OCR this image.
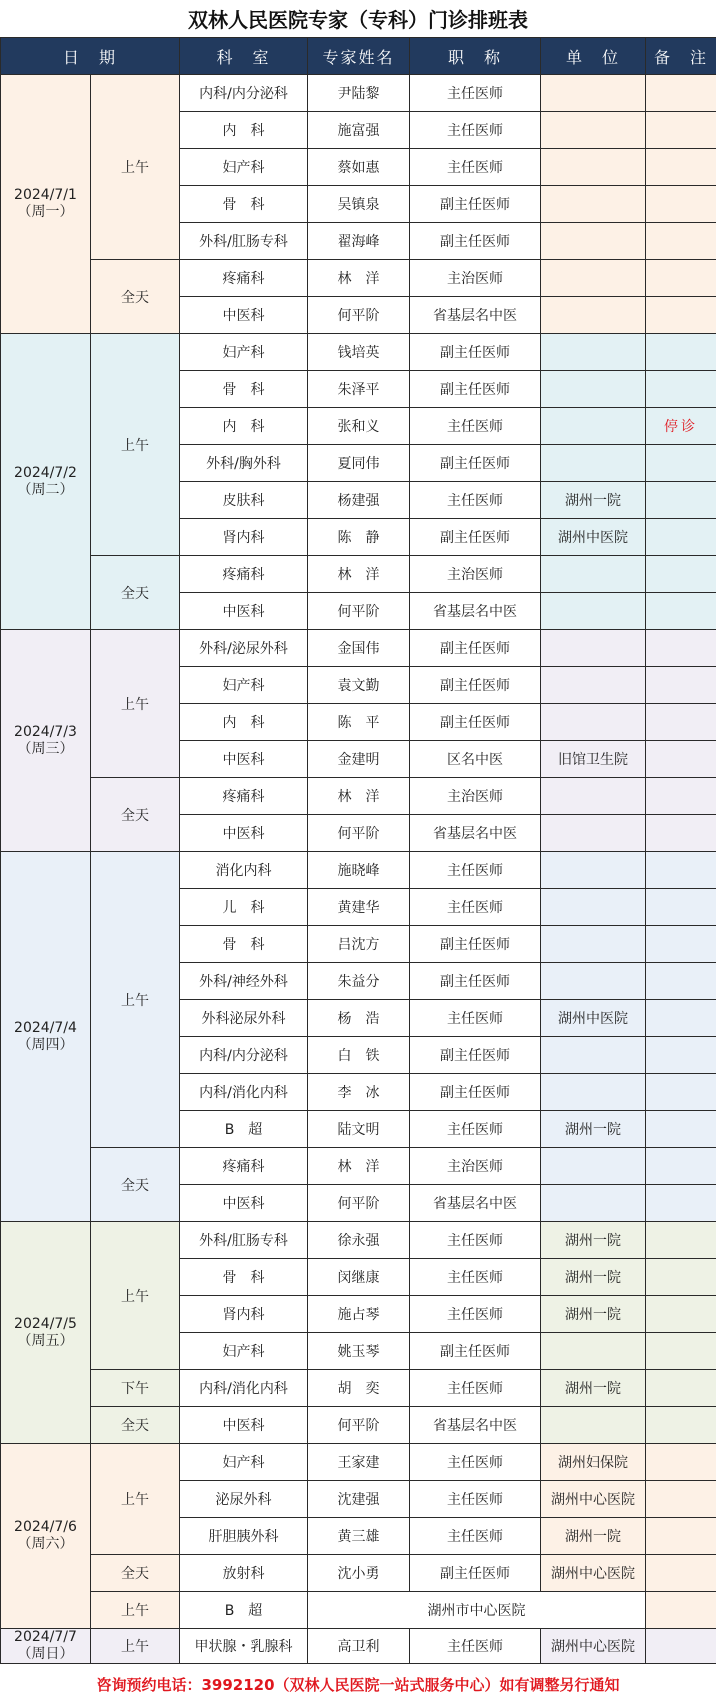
双林人民医院专家（专科）门诊排班表
日　期		科　室	专家姓名	职　称	单　位	备　注

2024/7/1
（周一）	上午	内科/内分泌科	尹陆黎	主任医师		
		内　科	施富强	主任医师		
		妇产科	蔡如惠	主任医师		
		骨　科	吴镇泉	副主任医师		
		外科/肛肠专科	翟海峰	副主任医师		
	全天	疼痛科	林　洋	主治医师		
		中医科	何平阶	省基层名中医		

2024/7/2
（周二）	上午	妇产科	钱培英	副主任医师		
		骨　科	朱泽平	副主任医师		
		内　科	张和义	主任医师		停诊
		外科/胸外科	夏同伟	副主任医师		
		皮肤科	杨建强	主任医师	湖州一院	
		肾内科	陈　静	副主任医师	湖州中医院	
	全天	疼痛科	林　洋	主治医师		
		中医科	何平阶	省基层名中医		

2024/7/3
（周三）	上午	外科/泌尿外科	金国伟	副主任医师		
		妇产科	袁文勤	副主任医师		
		内　科	陈　平	副主任医师		
		中医科	金建明	区名中医	旧馆卫生院	
	全天	疼痛科	林　洋	主治医师		
		中医科	何平阶	省基层名中医		

2024/7/4
（周四）	上午	消化内科	施晓峰	主任医师		
		儿　科	黄建华	主任医师		
		骨　科	吕沈方	副主任医师		
		外科/神经外科	朱益分	副主任医师		
		外科泌尿外科	杨　浩	主任医师	湖州中医院	
		内科/内分泌科	白　铁	副主任医师		
		内科/消化内科	李　冰	副主任医师		
		B　超	陆文明	主任医师	湖州一院	
	全天	疼痛科	林　洋	主治医师		
		中医科	何平阶	省基层名中医		

2024/7/5
（周五）	上午	外科/肛肠专科	徐永强	主任医师	湖州一院	
		骨　科	闵继康	主任医师	湖州一院	
		肾内科	施占琴	主任医师	湖州一院	
		妇产科	姚玉琴	副主任医师		
	下午	内科/消化内科	胡　奕	主任医师	湖州一院	
	全天	中医科	何平阶	省基层名中医		

2024/7/6
（周六）	上午	妇产科	王家建	主任医师	湖州妇保院	
		泌尿外科	沈建强	主任医师	湖州中心医院	
		肝胆胰外科	黄三雄	主任医师	湖州一院	
	全天	放射科	沈小勇	副主任医师	湖州中心医院	
	上午	B　超	湖州市中心医院			

2024/7/7
（周日）	上午	甲状腺・乳腺科	高卫利	主任医师	湖州中心医院	
咨询预约电话：3992120（双林人民医院一站式服务中心）如有调整另行通知
